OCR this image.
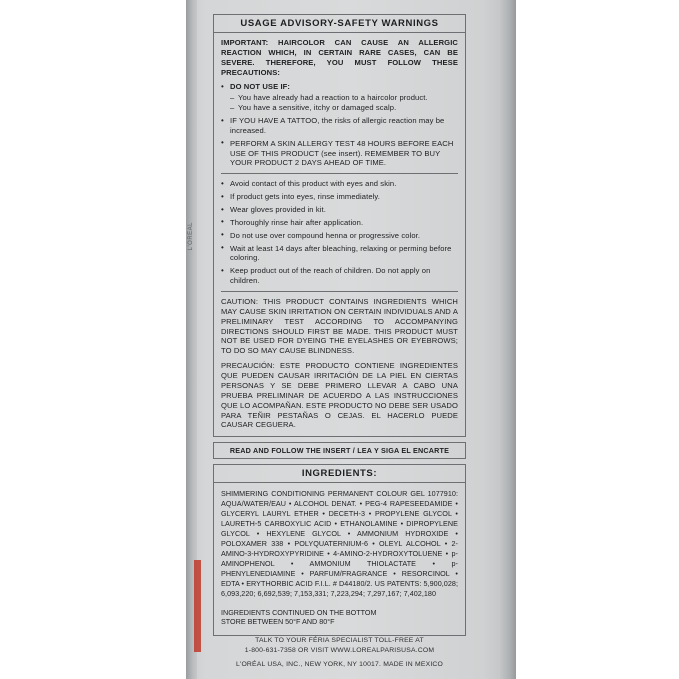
L'ORÉAL
USAGE ADVISORY-SAFETY WARNINGS

IMPORTANT: HAIRCOLOR CAN CAUSE AN ALLERGIC REACTION WHICH, IN CERTAIN RARE CASES, CAN BE SEVERE. THEREFORE, YOU MUST FOLLOW THESE PRECAUTIONS:

• DO NOT USE IF:
– You have already had a reaction to a haircolor product.
– You have a sensitive, itchy or damaged scalp.
• IF YOU HAVE A TATTOO, the risks of allergic reaction may be increased.
• PERFORM A SKIN ALLERGY TEST 48 HOURS BEFORE EACH USE OF THIS PRODUCT (see insert). REMEMBER TO BUY YOUR PRODUCT 2 DAYS AHEAD OF TIME.
• Avoid contact of this product with eyes and skin.
• If product gets into eyes, rinse immediately.
• Wear gloves provided in kit.
• Thoroughly rinse hair after application.
• Do not use over compound henna or progressive color.
• Wait at least 14 days after bleaching, relaxing or perming before coloring.
• Keep product out of the reach of children. Do not apply on children.

CAUTION: THIS PRODUCT CONTAINS INGREDIENTS WHICH MAY CAUSE SKIN IRRITATION ON CERTAIN INDIVIDUALS AND A PRELIMINARY TEST ACCORDING TO ACCOMPANYING DIRECTIONS SHOULD FIRST BE MADE. THIS PRODUCT MUST NOT BE USED FOR DYEING THE EYELASHES OR EYEBROWS; TO DO SO MAY CAUSE BLINDNESS.

PRECAUCIÓN: ESTE PRODUCTO CONTIENE INGREDIENTES QUE PUEDEN CAUSAR IRRITACIÓN DE LA PIEL EN CIERTAS PERSONAS Y SE DEBE PRIMERO LLEVAR A CABO UNA PRUEBA PRELIMINAR DE ACUERDO A LAS INSTRUCCIONES QUE LO ACOMPAÑAN. ESTE PRODUCTO NO DEBE SER USADO PARA TEÑIR PESTAÑAS O CEJAS. EL HACERLO PUEDE CAUSAR CEGUERA.

READ AND FOLLOW THE INSERT / LEA Y SIGA EL ENCARTE
INGREDIENTS:

SHIMMERING CONDITIONING PERMANENT COLOUR GEL 1077910: AQUA/WATER/EAU • ALCOHOL DENAT. • PEG-4 RAPESEEDAMIDE • GLYCERYL LAURYL ETHER • DECETH-3 • PROPYLENE GLYCOL • LAURETH-5 CARBOXYLIC ACID • ETHANOLAMINE • DIPROPYLENE GLYCOL • HEXYLENE GLYCOL • AMMONIUM HYDROXIDE • POLOXAMER 338 • POLYQUATERNIUM-6 • OLEYL ALCOHOL • 2-AMINO-3-HYDROXYPYRIDINE • 4-AMINO-2-HYDROXYTOLUENE • p-AMINOPHENOL • AMMONIUM THIOLACTATE • p-PHENYLENEDIAMINE • PARFUM/FRAGRANCE • RESORCINOL • EDTA • ERYTHORBIC ACID F.I.L. # D44180/2. US PATENTS: 5,900,028; 6,093,220; 6,692,539; 7,153,331; 7,223,294; 7,297,167; 7,402,180

INGREDIENTS CONTINUED ON THE BOTTOM

STORE BETWEEN 50°F AND 80°F

TALK TO YOUR FÉRIA SPECIALIST TOLL-FREE AT
1-800-631-7358 OR VISIT WWW.LOREALPARISUSA.COM
L'ORÉAL USA, INC., NEW YORK, NY 10017. MADE IN MEXICO
